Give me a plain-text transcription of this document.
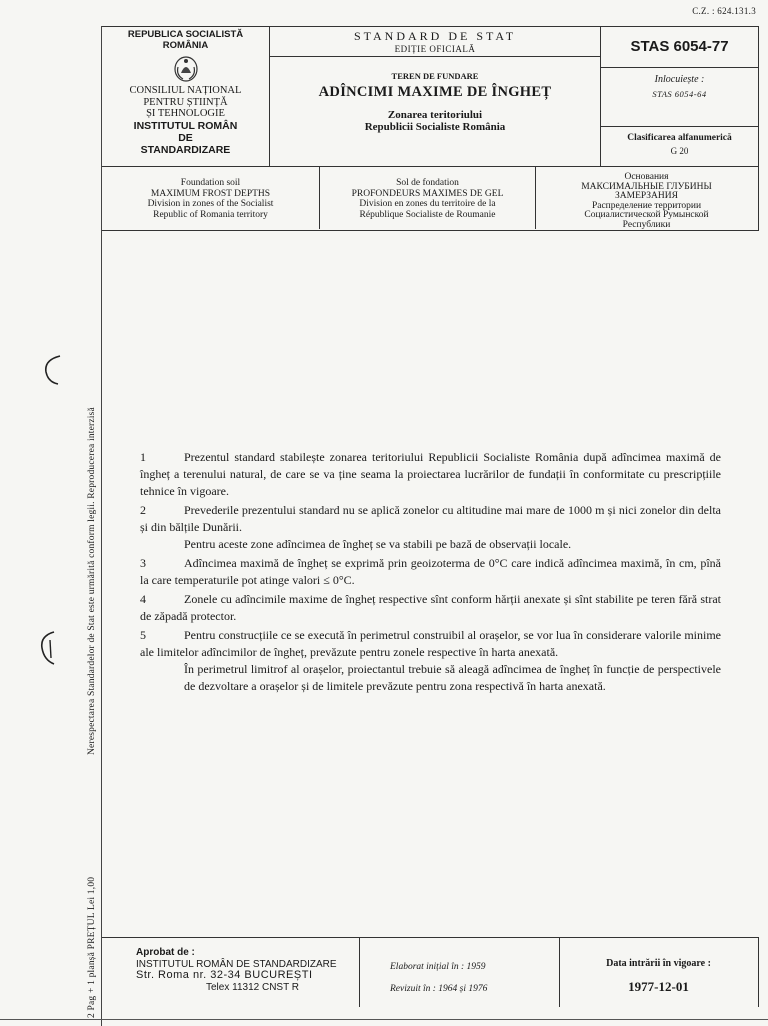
C.Z. : 624.131.3
REPUBLICA SOCIALISTĂ
ROMÂNIA
CONSILIUL NAȚIONAL
PENTRU ȘTIINȚĂ
ȘI TEHNOLOGIE
INSTITUTUL ROMÂN
DE
STANDARDIZARE
STANDARD DE STAT
EDIȚIE OFICIALĂ
TEREN DE FUNDARE
ADÎNCIMI MAXIME DE ÎNGHEȚ
Zonarea teritoriului
Republicii Socialiste România
STAS 6054-77
Inlocuiește :
STAS 6054-64
Clasificarea alfanumerică
G 20
Foundation soil
MAXIMUM FROST DEPTHS
Division in zones of the Socialist
Republic of Romania territory
Sol de fondation
PROFONDEURS MAXIMES DE GEL
Division en zones du territoire de la
République Socialiste de Roumanie
Основания
МАКСИМАЛЬНЫЕ ГЛУБИНЫ
ЗАМЕРЗАНИЯ
Распределение территории
Социалистической Румынской
Республики
Nerespectarea Standardelor de Stat este urmărită conform legii. Reproducerea interzisă
2 Pag + 1 planșă PREȚUL Lei 1,00

1	Prezentul standard stabilește zonarea teritoriului Republicii Socialiste România după adîncimea maximă de îngheț a terenului natural, de care se va ține seama la proiectarea lucrărilor de fundații în conformitate cu prescripțiile tehnice în vigoare.

2	Prevederile prezentului standard nu se aplică zonelor cu altitudine mai mare de 1000 m și nici zonelor din delta și din bălțile Dunării.

Pentru aceste zone adîncimea de îngheț se va stabili pe bază de observații locale.

3	Adîncimea maximă de îngheț se exprimă prin geoizoterma de 0°C care indică adîncimea maximă, în cm, pînă la care temperaturile pot atinge valori ≤ 0°C.

4	Zonele cu adîncimile maxime de îngheț respective sînt conform hărții anexate și sînt stabilite pe teren fără strat de zăpadă protector.

5	Pentru construcțiile ce se execută în perimetrul construibil al orașelor, se vor lua în considerare valorile minime ale limitelor adîncimilor de îngheț, prevăzute pentru zonele respective în harta anexată.

În perimetrul limitrof al orașelor, proiectantul trebuie să aleagă adîncimea de îngheț în funcție de perspectivele de dezvoltare a orașelor și de limitele prevăzute pentru zona respectivă în harta anexată.

Aprobat de :
INSTITUTUL ROMÂN DE STANDARDIZARE
Str. Roma nr. 32-34 BUCUREȘTI
Telex 11312 CNST R
Elaborat inițial în : 1959
Revizuit în : 1964 și 1976
Data intrării în vigoare :
1977-12-01
